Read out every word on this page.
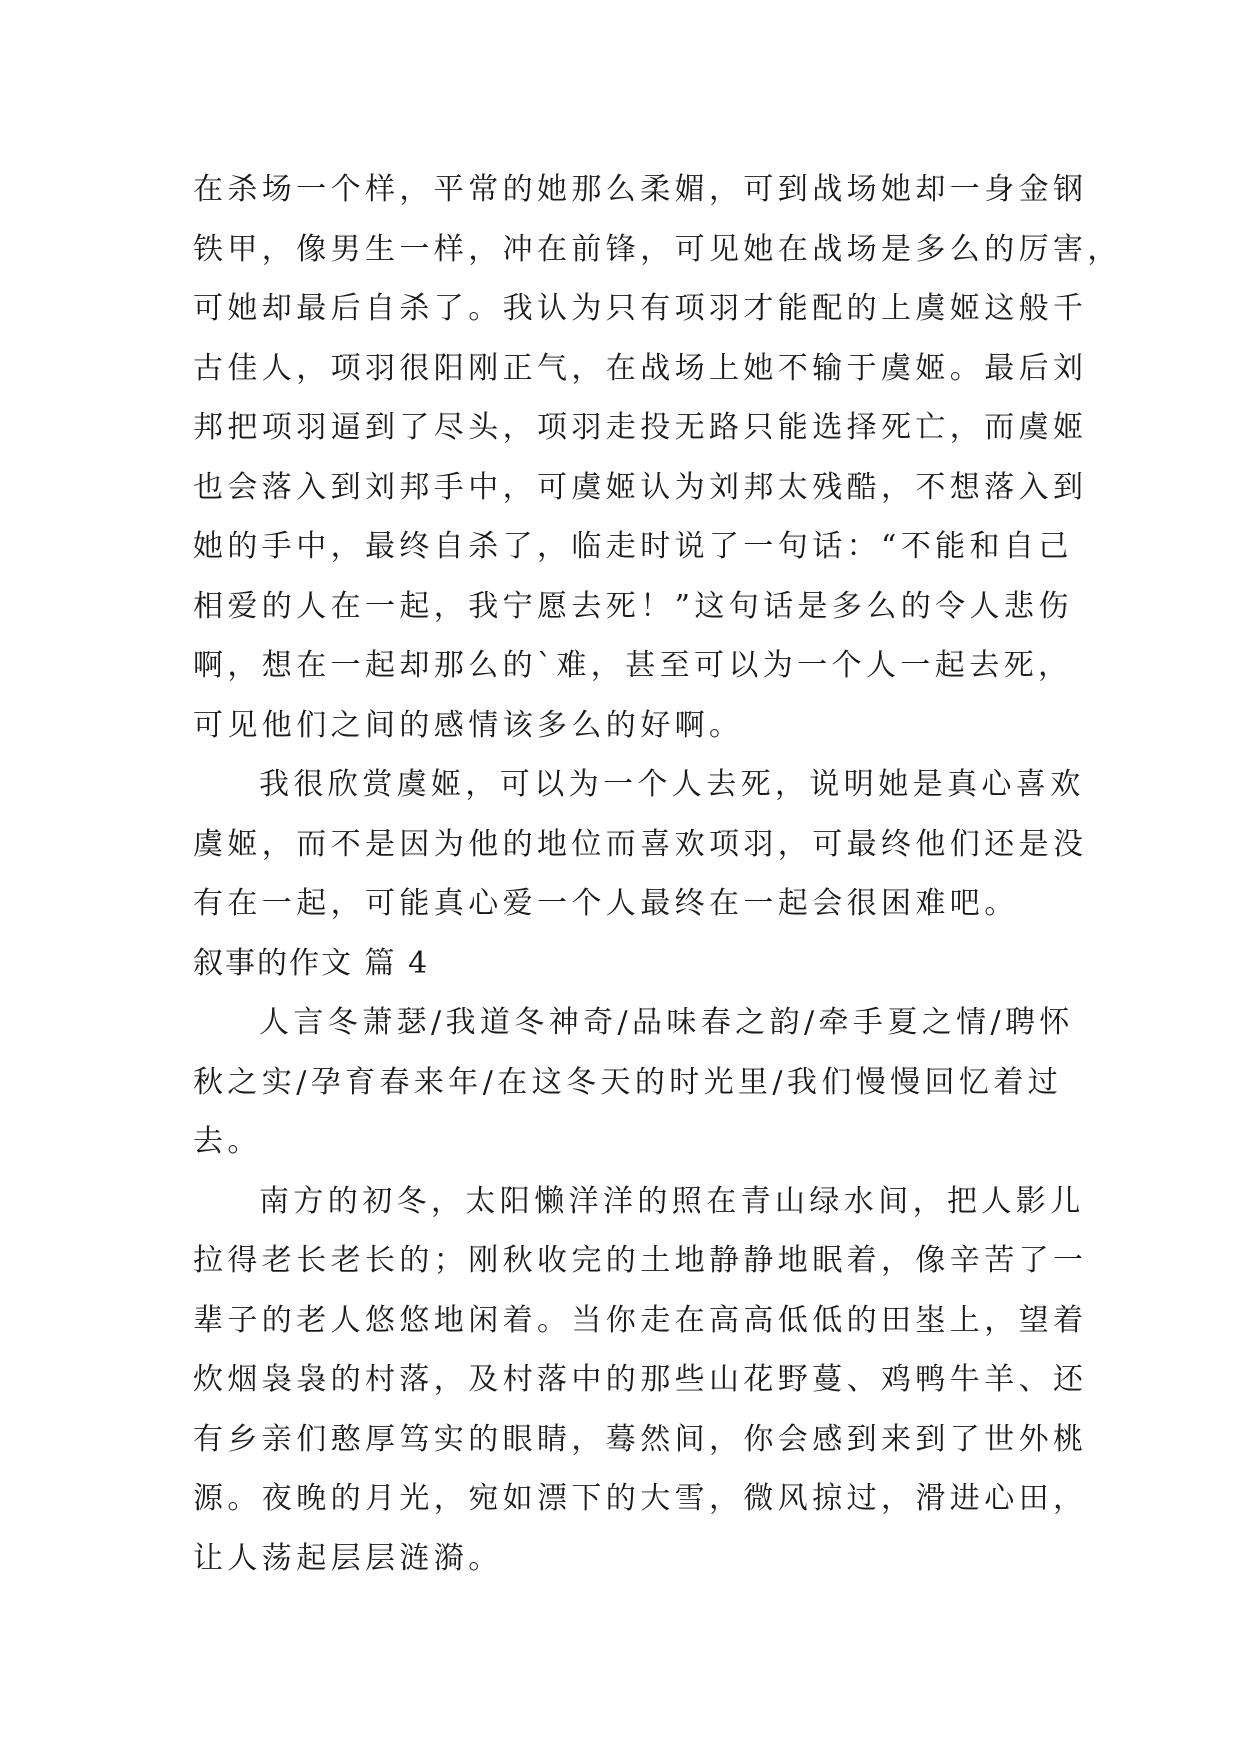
在杀场一个样，平常的她那么柔媚，可到战场她却一身金钢
铁甲，像男生一样，冲在前锋，可见她在战场是多么的厉害，
可她却最后自杀了。我认为只有项羽才能配的上虞姬这般千
古佳人，项羽很阳刚正气，在战场上她不输于虞姬。最后刘
邦把项羽逼到了尽头，项羽走投无路只能选择死亡，而虞姬
也会落入到刘邦手中，可虞姬认为刘邦太残酷，不想落入到
她的手中，最终自杀了，临走时说了一句话：“不能和自己
相爱的人在一起，我宁愿去死！”这句话是多么的令人悲伤
啊，想在一起却那么的`难，甚至可以为一个人一起去死，
可见他们之间的感情该多么的好啊。
我很欣赏虞姬，可以为一个人去死，说明她是真心喜欢
虞姬，而不是因为他的地位而喜欢项羽，可最终他们还是没
有在一起，可能真心爱一个人最终在一起会很困难吧。
叙事的作文 篇 4
人言冬萧瑟/我道冬神奇/品味春之韵/牵手夏之情/聘怀
秋之实/孕育春来年/在这冬天的时光里/我们慢慢回忆着过
去。
南方的初冬，太阳懒洋洋的照在青山绿水间，把人影儿
拉得老长老长的；刚秋收完的土地静静地眠着，像辛苦了一
辈子的老人悠悠地闲着。当你走在高高低低的田埊上，望着
炊烟袅袅的村落，及村落中的那些山花野蔓、鸡鸭牛羊、还
有乡亲们憨厚笃实的眼睛，蓦然间，你会感到来到了世外桃
源。夜晚的月光，宛如漂下的大雪，微风掠过，滑进心田，
让人荡起层层涟漪。
